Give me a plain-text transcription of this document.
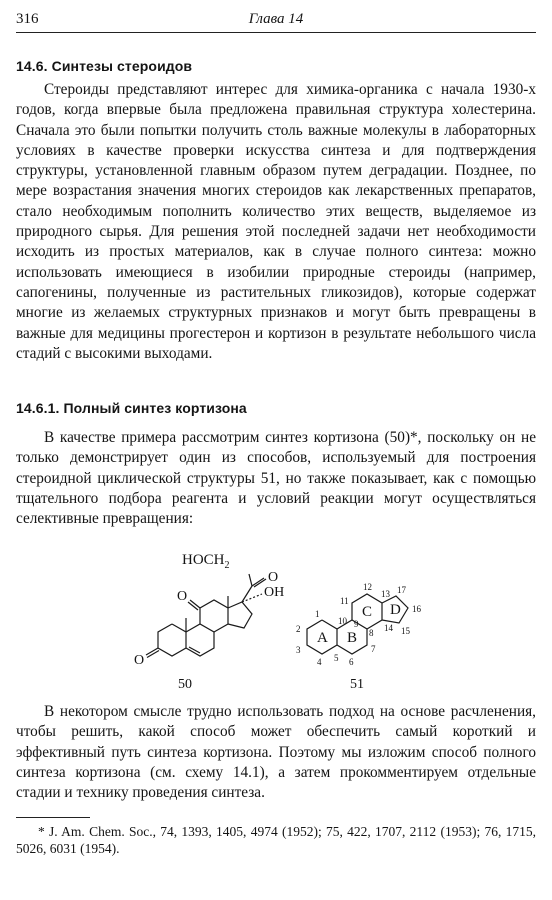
316	Глава 14
14.6. Синтезы стероидов

Стероиды представляют интерес для химика-органика с начала 1930-х годов, когда впервые была предложена правильная структура холестерина. Сначала это были попытки получить столь важные молекулы в лабораторных условиях в качестве проверки искусства синтеза и для подтверждения структуры, установленной главным образом путем деградации. Позднее, по мере возрастания значения многих стероидов как лекарственных препаратов, стало необходимым пополнить количество этих веществ, выделяемое из природного сырья. Для решения этой последней задачи нет необходимости исходить из простых материалов, как в случае полного синтеза: можно использовать имеющиеся в изобилии природные стероиды (например, сапогенины, полученные из растительных гликозидов), которые содержат многие из желаемых структурных признаков и могут быть превращены в важные для медицины прогестерон и кортизон в результате небольшого числа стадий с высокими выходами.

14.6.1. Полный синтез кортизона

В качестве примера рассмотрим синтез кортизона (50)*, поскольку он не только демонстрирует один из способов, используемый для построения стероидной циклической структуры 51, но также показывает, как с помощью тщательного подбора реагента и условий реакции могут осуществляться селективные превращения:

$HOCH_2$
O
OH
O
O
50
A B
C D
1
2
3
4 5 6
7
8
9
10
11
12
13
14 15
16
17
51

В некотором смысле трудно использовать подход на основе расчленения, чтобы решить, какой способ может обеспечить самый короткий и эффективный путь синтеза кортизона. Поэтому мы изложим способ полного синтеза кортизона (см. схему 14.1), а затем прокомментируем отдельные стадии и технику проведения синтеза.

* J. Am. Chem. Soc., 74, 1393, 1405, 4974 (1952); 75, 422, 1707, 2112 (1953); 76, 1715, 5026, 6031 (1954).
